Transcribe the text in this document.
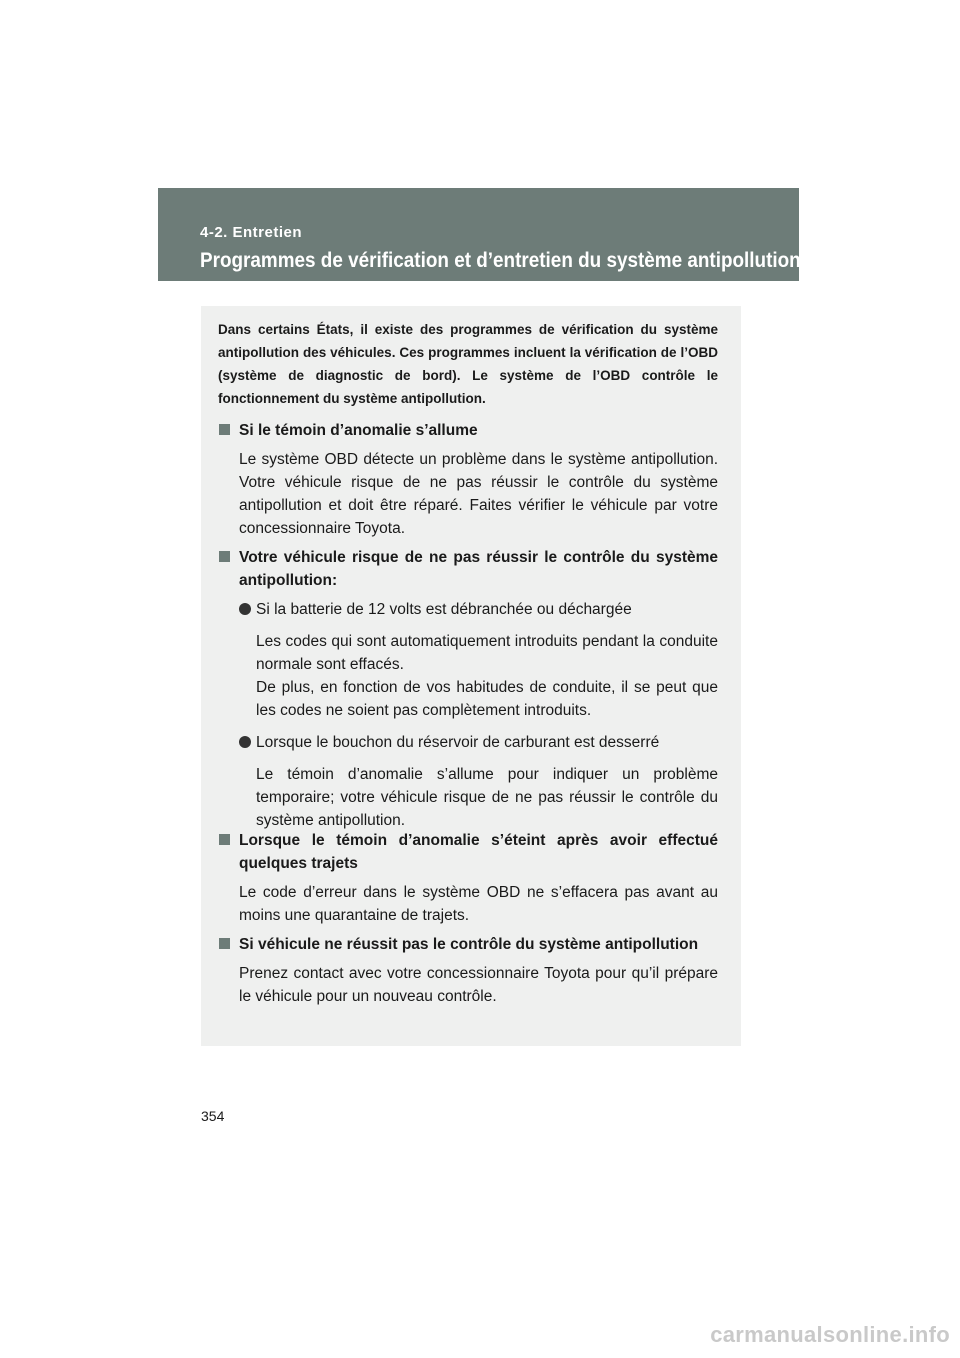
4-2. Entretien
Programmes de vérification et d’entretien du système antipollution
Dans certains États, il existe des programmes de vérification du système antipollution des véhicules. Ces programmes incluent la vérification de l’OBD (système de diagnostic de bord). Le système de l’OBD contrôle le fonctionnement du système antipollution.
Si le témoin d’anomalie s’allume
Le système OBD détecte un problème dans le système antipollution. Votre véhicule risque de ne pas réussir le contrôle du système antipollution et doit être réparé. Faites vérifier le véhicule par votre concessionnaire Toyota.
Votre véhicule risque de ne pas réussir le contrôle du système antipollution:
Si la batterie de 12 volts est débranchée ou déchargée
Les codes qui sont automatiquement introduits pendant la conduite normale sont effacés.
De plus, en fonction de vos habitudes de conduite, il se peut que les codes ne soient pas complètement introduits.
Lorsque le bouchon du réservoir de carburant est desserré
Le témoin d’anomalie s’allume pour indiquer un problème temporaire; votre véhicule risque de ne pas réussir le contrôle du système antipollution.
Lorsque le témoin d’anomalie s’éteint après avoir effectué quelques trajets
Le code d’erreur dans le système OBD ne s’effacera pas avant au moins une quarantaine de trajets.
Si véhicule ne réussit pas le contrôle du système antipollution
Prenez contact avec votre concessionnaire Toyota pour qu’il prépare le véhicule pour un nouveau contrôle.
354
carmanualsonline.info
